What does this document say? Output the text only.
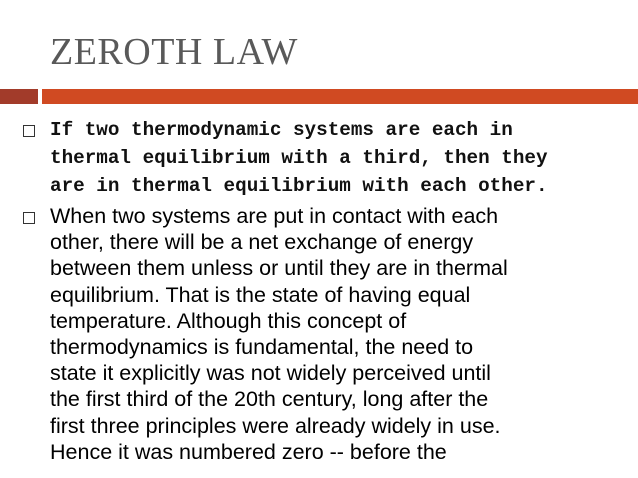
ZEROTH LAW
If two thermodynamic systems are each in
thermal equilibrium with a third, then they
are in thermal equilibrium with each other.
When two systems are put in contact with each
other, there will be a net exchange of energy
between them unless or until they are in thermal
equilibrium. That is the state of having equal
temperature. Although this concept of
thermodynamics is fundamental, the need to
state it explicitly was not widely perceived until
the first third of the 20th century, long after the
first three principles were already widely in use.
Hence it was numbered zero -- before the
